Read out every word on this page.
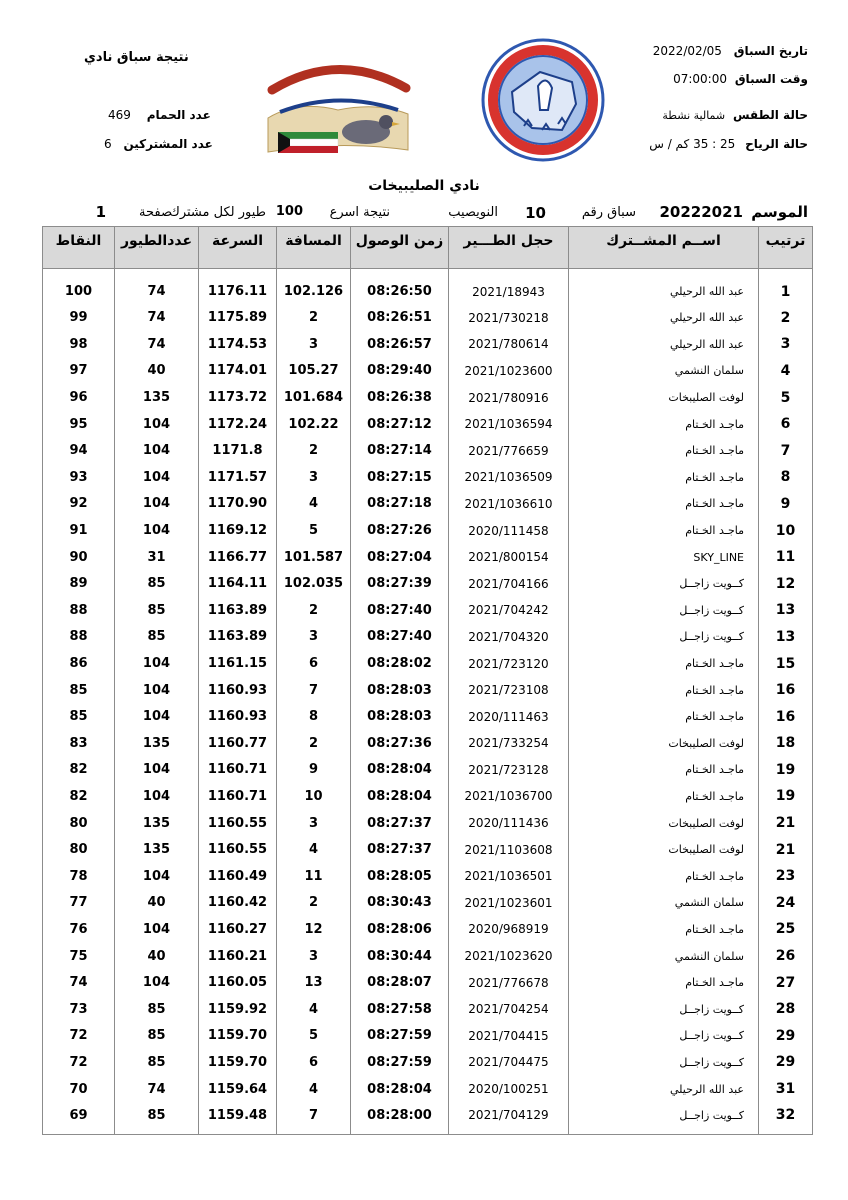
تاريخ السباق 2022/02/05
وقت السباق 07:00:00
حالة الطقس شمالية نشطة
حالة الرياح 25 : 35 كم / س
نتيجة سباق نادي
عدد الحمام 469
عدد المشتركين 6
نادي الصليبيخات
الموسم
20222021
سباق رقم
10
النويصيب
نتيجة اسرع
100
طيور لكل مشترك
صفحة
1
ترتيب	اســم المشــترك	حجل الطـــير	زمن الوصول	المسافة	السرعة	عددالطيور	النقاط
1	عبد الله الرحيلي	2021/18943	08:26:50	102.126	1176.11	74	100
2	عبد الله الرحيلي	2021/730218	08:26:51	2	1175.89	74	99
3	عبد الله الرحيلي	2021/780614	08:26:57	3	1174.53	74	98
4	سلمان النشمي	2021/1023600	08:29:40	105.27	1174.01	40	97
5	لوفت الصليبخات	2021/780916	08:26:38	101.684	1173.72	135	96
6	ماجـد الخـتام	2021/1036594	08:27:12	102.22	1172.24	104	95
7	ماجـد الخـتام	2021/776659	08:27:14	2	1171.8	104	94
8	ماجـد الخـتام	2021/1036509	08:27:15	3	1171.57	104	93
9	ماجـد الخـتام	2021/1036610	08:27:18	4	1170.90	104	92
10	ماجـد الخـتام	2020/111458	08:27:26	5	1169.12	104	91
11	SKY_LINE	2021/800154	08:27:04	101.587	1166.77	31	90
12	كــويت زاجــل	2021/704166	08:27:39	102.035	1164.11	85	89
13	كــويت زاجــل	2021/704242	08:27:40	2	1163.89	85	88
13	كــويت زاجــل	2021/704320	08:27:40	3	1163.89	85	88
15	ماجـد الخـتام	2021/723120	08:28:02	6	1161.15	104	86
16	ماجـد الخـتام	2021/723108	08:28:03	7	1160.93	104	85
16	ماجـد الخـتام	2020/111463	08:28:03	8	1160.93	104	85
18	لوفت الصليبخات	2021/733254	08:27:36	2	1160.77	135	83
19	ماجـد الخـتام	2021/723128	08:28:04	9	1160.71	104	82
19	ماجـد الخـتام	2021/1036700	08:28:04	10	1160.71	104	82
21	لوفت الصليبخات	2020/111436	08:27:37	3	1160.55	135	80
21	لوفت الصليبخات	2021/1103608	08:27:37	4	1160.55	135	80
23	ماجـد الخـتام	2021/1036501	08:28:05	11	1160.49	104	78
24	سلمان النشمي	2021/1023601	08:30:43	2	1160.42	40	77
25	ماجـد الخـتام	2020/968919	08:28:06	12	1160.27	104	76
26	سلمان النشمي	2021/1023620	08:30:44	3	1160.21	40	75
27	ماجـد الخـتام	2021/776678	08:28:07	13	1160.05	104	74
28	كــويت زاجــل	2021/704254	08:27:58	4	1159.92	85	73
29	كــويت زاجــل	2021/704415	08:27:59	5	1159.70	85	72
29	كــويت زاجــل	2021/704475	08:27:59	6	1159.70	85	72
31	عبد الله الرحيلي	2020/100251	08:28:04	4	1159.64	74	70
32	كــويت زاجــل	2021/704129	08:28:00	7	1159.48	85	69
